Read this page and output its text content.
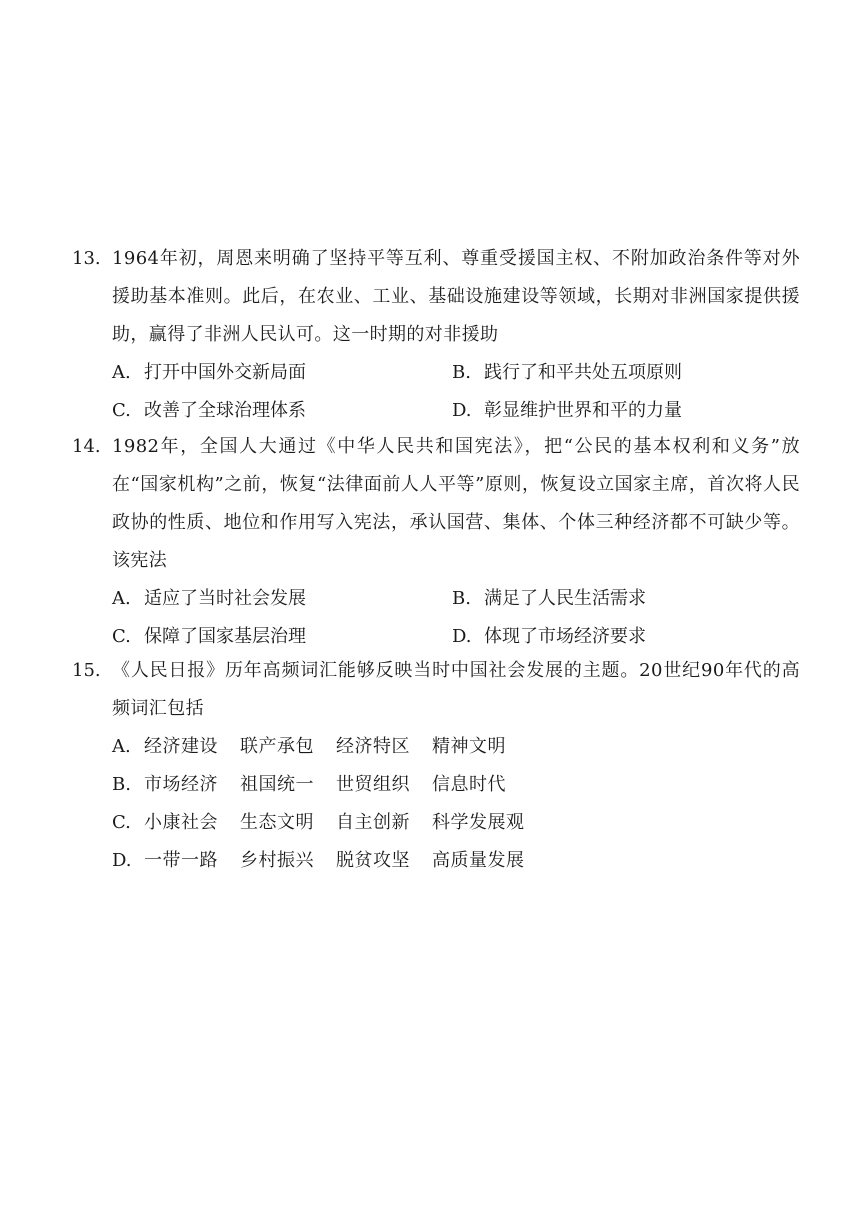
13. 1964年初，周恩来明确了坚持平等互利、尊重受援国主权、不附加政治条件等对外援助基本准则。此后，在农业、工业、基础设施建设等领域，长期对非洲国家提供援助，赢得了非洲人民认可。这一时期的对非援助

A. 打开中国外交新局面	B. 践行了和平共处五项原则
C. 改善了全球治理体系	D. 彰显维护世界和平的力量

14. 1982年，全国人大通过《中华人民共和国宪法》，把“公民的基本权利和义务”放在“国家机构”之前，恢复“法律面前人人平等”原则，恢复设立国家主席，首次将人民政协的性质、地位和作用写入宪法，承认国营、集体、个体三种经济都不可缺少等。该宪法

A. 适应了当时社会发展	B. 满足了人民生活需求
C. 保障了国家基层治理	D. 体现了市场经济要求

15. 《人民日报》历年高频词汇能够反映当时中国社会发展的主题。20世纪90年代的高频词汇包括

A. 经济建设 联产承包 经济特区 精神文明
B. 市场经济 祖国统一 世贸组织 信息时代
C. 小康社会 生态文明 自主创新 科学发展观
D. 一带一路 乡村振兴 脱贫攻坚 高质量发展
